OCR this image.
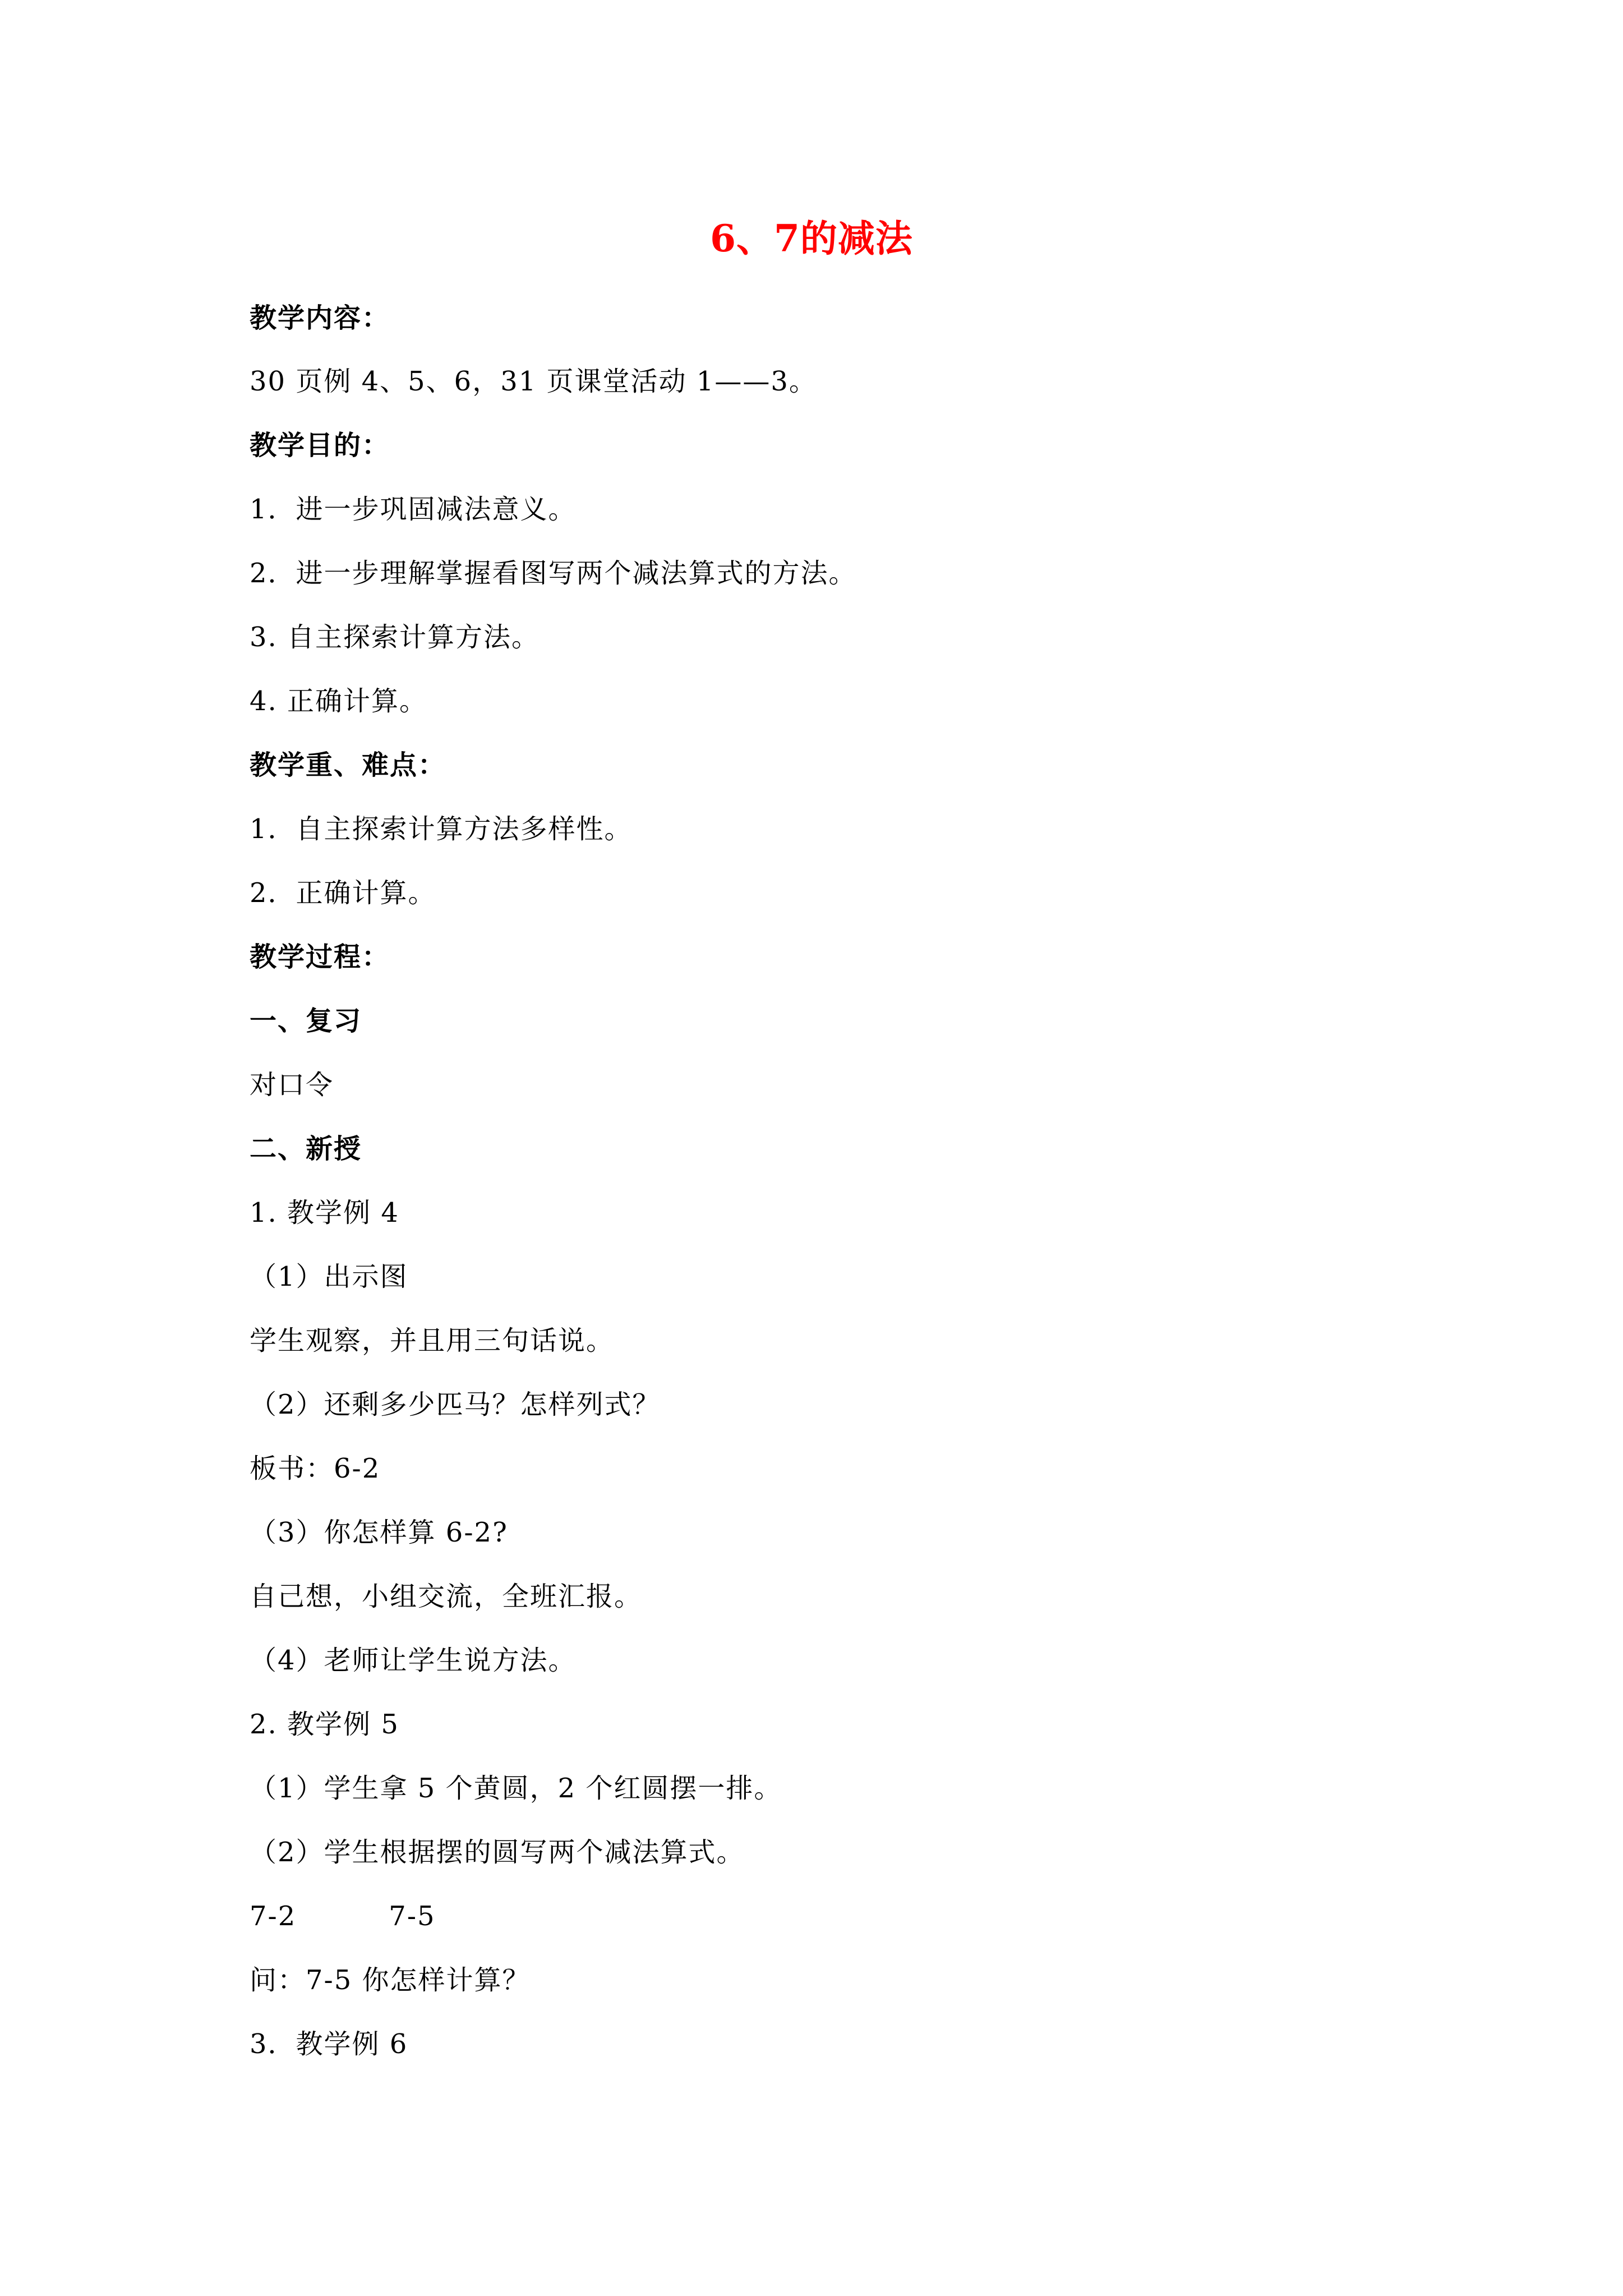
6、7的减法
教学内容：
30 页例 4、5、6，31 页课堂活动 1——3。
教学目的：
1．进一步巩固减法意义。
2．进一步理解掌握看图写两个减法算式的方法。
3. 自主探索计算方法。
4. 正确计算。
教学重、难点：
1．自主探索计算方法多样性。
2．正确计算。
教学过程：
一、复习
对口令
二、新授
1. 教学例 4
（1）出示图
学生观察，并且用三句话说。
（2）还剩多少匹马？怎样列式？
板书：6-2
（3）你怎样算 6-2?
自己想，小组交流，全班汇报。
（4）老师让学生说方法。
2. 教学例 5
（1）学生拿 5 个黄圆，2 个红圆摆一排。
（2）学生根据摆的圆写两个减法算式。
7-2	7-5
问：7-5 你怎样计算？
3．教学例 6
